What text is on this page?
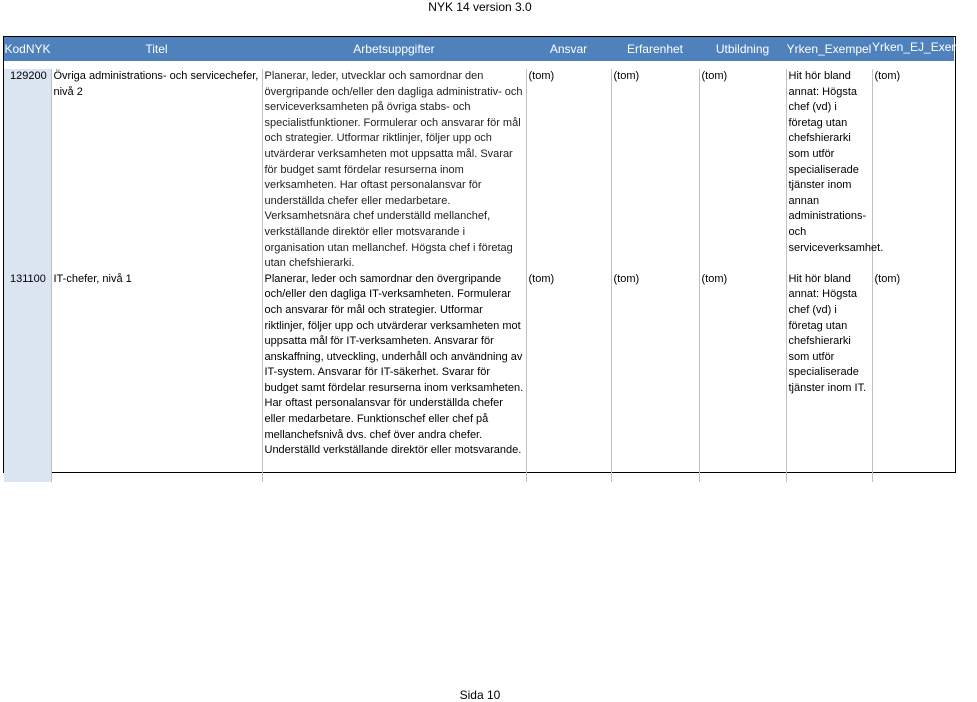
NYK 14 version 3.0
KodNYK	Titel	Arbetsuppgifter	Ansvar	Erfarenhet	Utbildning	Yrken_Exempel	Yrken_EJ_Exempel

129200	Övriga administrations- och servicechefer, nivå 2	Planerar, leder, utvecklar och samordnar den övergripande och/eller den dagliga administrativ- och serviceverksamheten på övriga stabs- och specialistfunktioner. Formulerar och ansvarar för mål och strategier. Utformar riktlinjer, följer upp och utvärderar verksamheten mot uppsatta mål. Svarar för budget samt fördelar resurserna inom verksamheten. Har oftast personalansvar för underställda chefer eller medarbetare. Verksamhetsnära chef underställd mellanchef, verkställande direktör eller motsvarande i organisation utan mellanchef. Högsta chef i företag utan chefshierarki.	(tom)	(tom)	(tom)	Hit hör bland annat: Högsta chef (vd) i företag utan chefshierarki som utför specialiserade tjänster inom annan administrations- och serviceverksamhet.	(tom)
131100	IT-chefer, nivå 1	Planerar, leder och samordnar den övergripande och/eller den dagliga IT-verksamheten. Formulerar och ansvarar för mål och strategier. Utformar riktlinjer, följer upp och utvärderar verksamheten mot uppsatta mål för IT-verksamheten. Ansvarar för anskaffning, utveckling, underhåll och användning av IT-system. Ansvarar för IT-säkerhet. Svarar för budget samt fördelar resurserna inom verksamheten. Har oftast personalansvar för underställda chefer eller medarbetare. Funktionschef eller chef på mellanchefsnivå dvs. chef över andra chefer. Underställd verkställande direktör eller motsvarande.	(tom)	(tom)	(tom)	Hit hör bland annat: Högsta chef (vd) i företag utan chefshierarki som utför specialiserade tjänster inom IT.	(tom)
Sida 10
